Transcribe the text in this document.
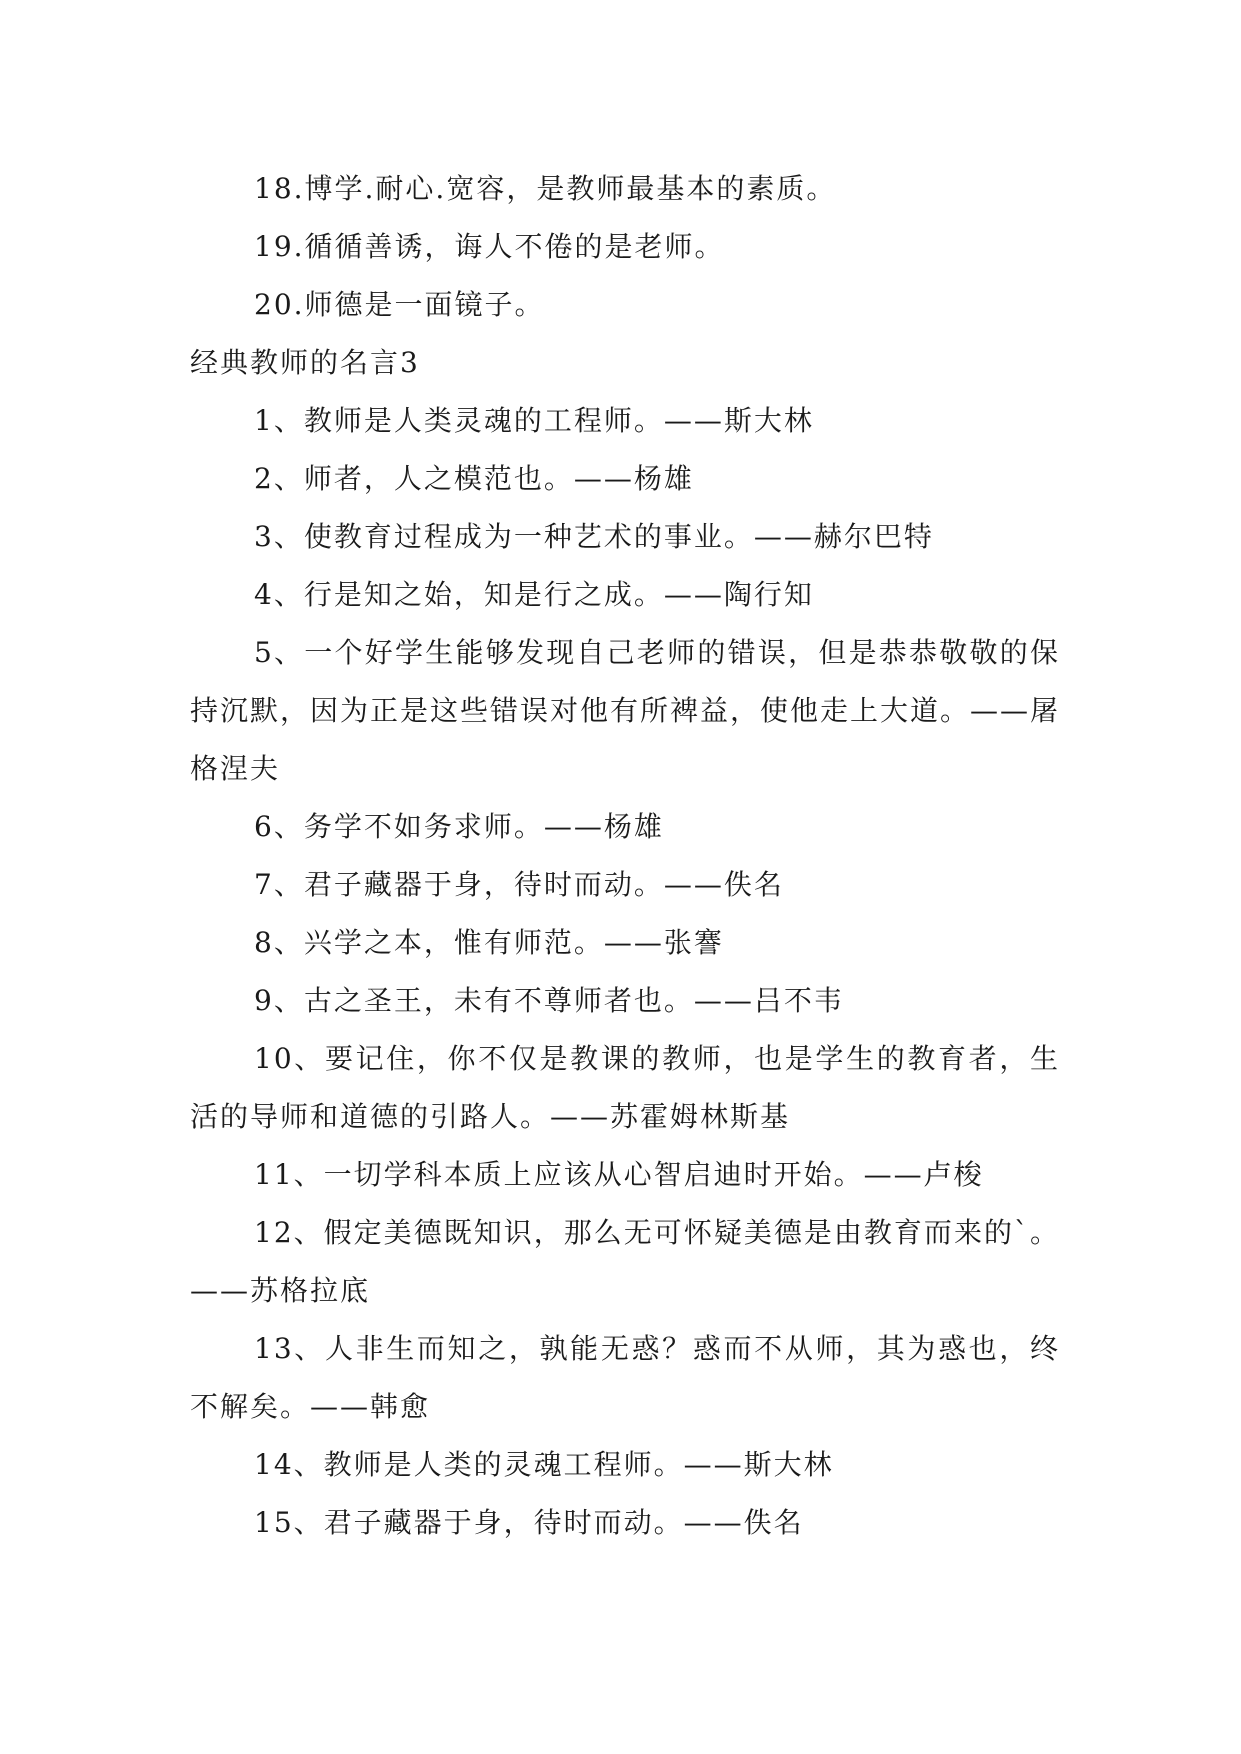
18.博学.耐心.宽容，是教师最基本的素质。

19.循循善诱，诲人不倦的是老师。

20.师德是一面镜子。

经典教师的名言3

1、教师是人类灵魂的工程师。——斯大林

2、师者，人之模范也。——杨雄

3、使教育过程成为一种艺术的事业。——赫尔巴特

4、行是知之始，知是行之成。——陶行知

5、一个好学生能够发现自己老师的错误，但是恭恭敬敬的保持沉默，因为正是这些错误对他有所裨益，使他走上大道。——屠格涅夫

6、务学不如务求师。——杨雄

7、君子藏器于身，待时而动。——佚名

8、兴学之本，惟有师范。——张謇

9、古之圣王，未有不尊师者也。——吕不韦

10、要记住，你不仅是教课的教师，也是学生的教育者，生活的导师和道德的引路人。——苏霍姆林斯基

11、一切学科本质上应该从心智启迪时开始。——卢梭

12、假定美德既知识，那么无可怀疑美德是由教育而来的`。——苏格拉底

13、人非生而知之，孰能无惑？惑而不从师，其为惑也，终不解矣。——韩愈

14、教师是人类的灵魂工程师。——斯大林

15、君子藏器于身，待时而动。——佚名
